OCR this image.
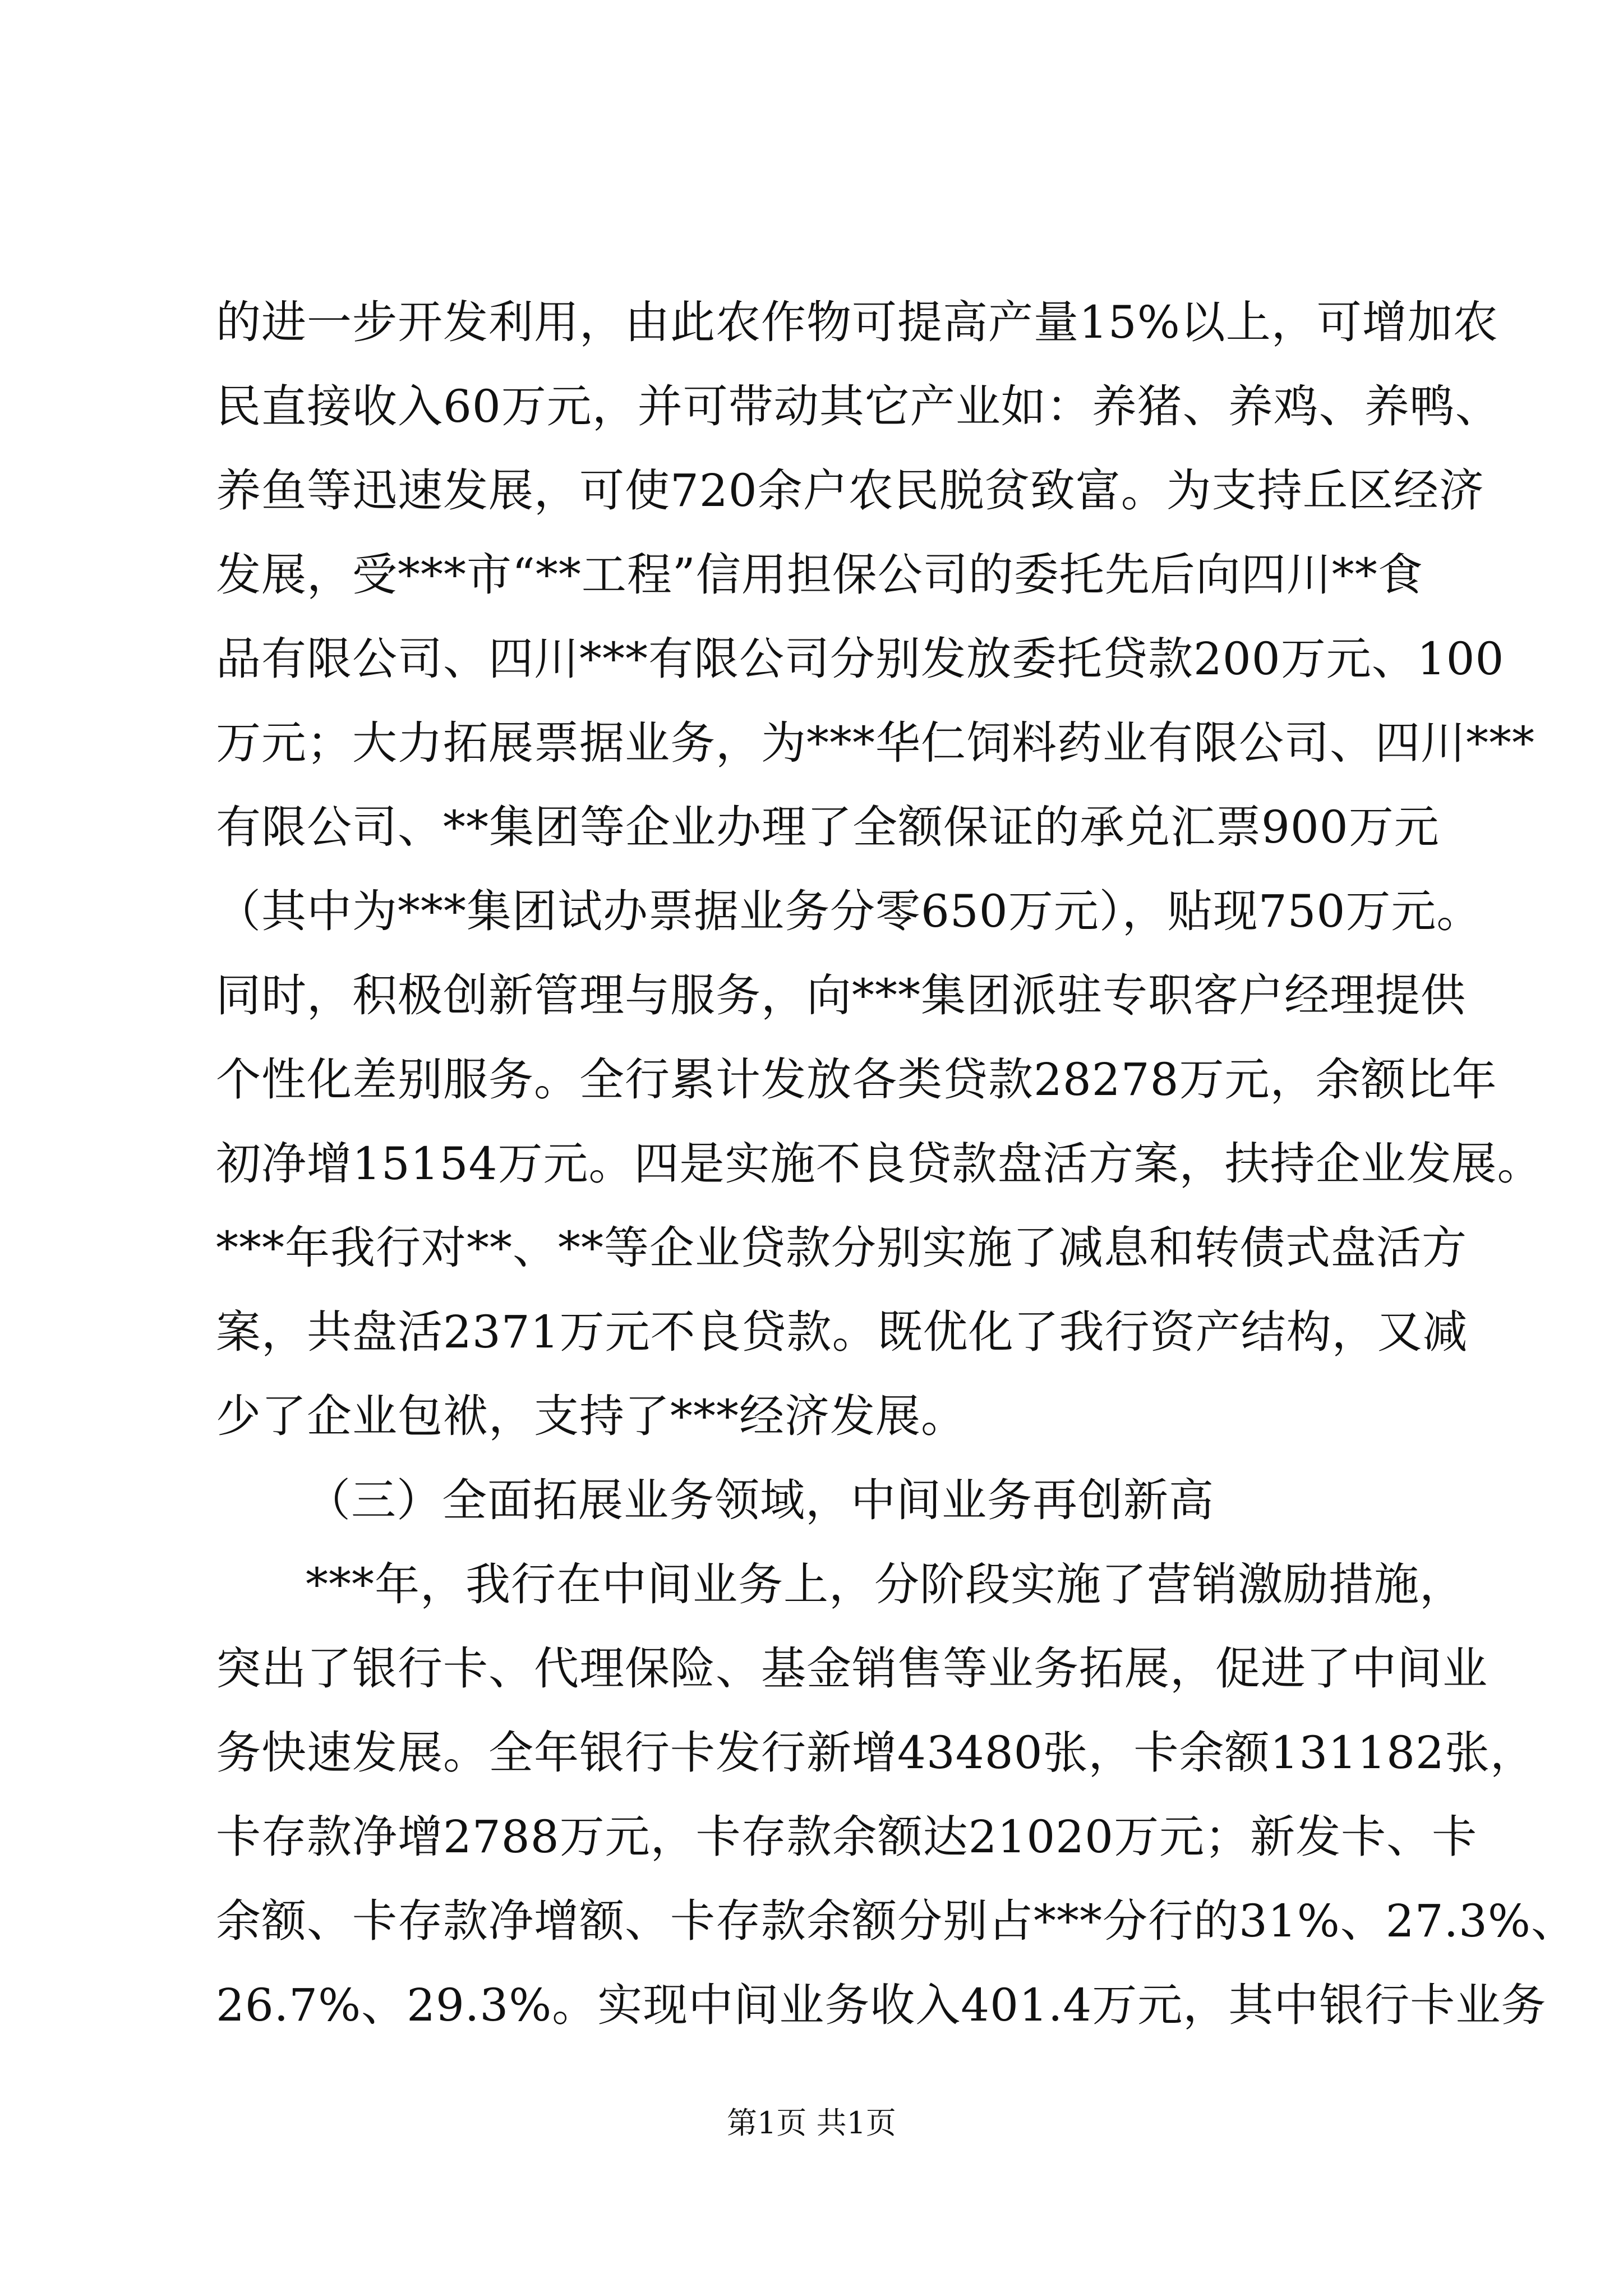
的进一步开发利用，由此农作物可提高产量15%以上，可增加农
民直接收入60万元，并可带动其它产业如：养猪、养鸡、养鸭、
养鱼等迅速发展，可使720余户农民脱贫致富。为支持丘区经济
发展，受***市“**工程”信用担保公司的委托先后向四川**食
品有限公司、四川***有限公司分别发放委托贷款200万元、100
万元；大力拓展票据业务，为***华仁饲料药业有限公司、四川***
有限公司、**集团等企业办理了全额保证的承兑汇票900万元
（其中为***集团试办票据业务分零650万元），贴现750万元。
同时，积极创新管理与服务，向***集团派驻专职客户经理提供
个性化差别服务。全行累计发放各类贷款28278万元，余额比年
初净增15154万元。四是实施不良贷款盘活方案，扶持企业发展。
***年我行对**、**等企业贷款分别实施了减息和转债式盘活方
案，共盘活2371万元不良贷款。既优化了我行资产结构，又减
少了企业包袱，支持了***经济发展。
（三）全面拓展业务领域，中间业务再创新高
***年，我行在中间业务上，分阶段实施了营销激励措施，
突出了银行卡、代理保险、基金销售等业务拓展，促进了中间业
务快速发展。全年银行卡发行新增43480张，卡余额131182张，
卡存款净增2788万元，卡存款余额达21020万元；新发卡、卡
余额、卡存款净增额、卡存款余额分别占***分行的31%、27.3%、
26.7%、29.3%。实现中间业务收入401.4万元，其中银行卡业务
第1页 共1页
